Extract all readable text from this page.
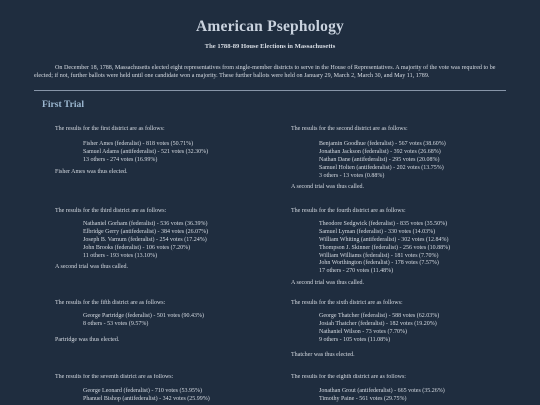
American Psephology
The 1788-89 House Elections in Massachusetts

On December 18, 1788, Massachusetts elected eight representatives from single-member districts to serve in the House of Representatives. A majority of the vote was required to be elected; if not, further ballots were held until one candidate won a majority. These further ballots were held on January 29, March 2, March 30, and May 11, 1789.

First Trial

The results for the first district are as follows:

Fisher Ames (federalist) - 818 votes (50.71%)
Samuel Adams (antifederalist) - 521 votes (32.30%)
13 others - 274 votes (16.99%)

Fisher Ames was thus elected.

The results for the second district are as follows:

Benjamin Goodhue (federalist) - 567 votes (38.60%)
Jonathan Jackson (federalist) - 392 votes (26.68%)
Nathan Dane (antifederalist) - 295 votes (20.08%)
Samuel Holten (antifederalist) - 202 votes (13.75%)
3 others - 13 votes (0.88%)

A second trial was thus called.

The results for the third district are as follows:

Nathaniel Gorham (federalist) - 536 votes (36.39%)
Elbridge Gerry (antifederalist) - 384 votes (26.07%)
Joseph B. Varnum (federalist) - 254 votes (17.24%)
John Brooks (federalist) - 106 votes (7.20%)
11 others - 193 votes (13.10%)

A second trial was thus called.

The results for the fourth district are as follows:

Theodore Sedgwick (federalist) - 835 votes (35.50%)
Samuel Lyman (federalist) - 330 votes (14.03%)
William Whiting (antifederalist) - 302 votes (12.84%)
Thompson J. Skinner (federalist) - 256 votes (10.88%)
William Williams (federalist) - 181 votes (7.70%)
John Worthington (federalist) - 178 votes (7.57%)
17 others - 270 votes (11.48%)

A second trial was thus called.

The results for the fifth district are as follows:

George Partridge (federalist) - 501 votes (90.43%)
8 others - 53 votes (9.57%)

Partridge was thus elected.

The results for the sixth district are as follows:

George Thatcher (federalist) - 588 votes (62.03%)
Josiah Thatcher (federalist) - 182 votes (19.20%)
Nathaniel Wilson - 73 votes (7.70%)
9 others - 105 votes (11.08%)

Thatcher was thus elected.

The results for the seventh district are as follows:

George Leonard (federalist) - 710 votes (53.95%)
Phanuel Bishop (antifederalist) - 342 votes (25.99%)

The results for the eighth district are as follows:

Jonathan Grout (antifederalist) - 665 votes (35.26%)
Timothy Paine - 561 votes (29.75%)
